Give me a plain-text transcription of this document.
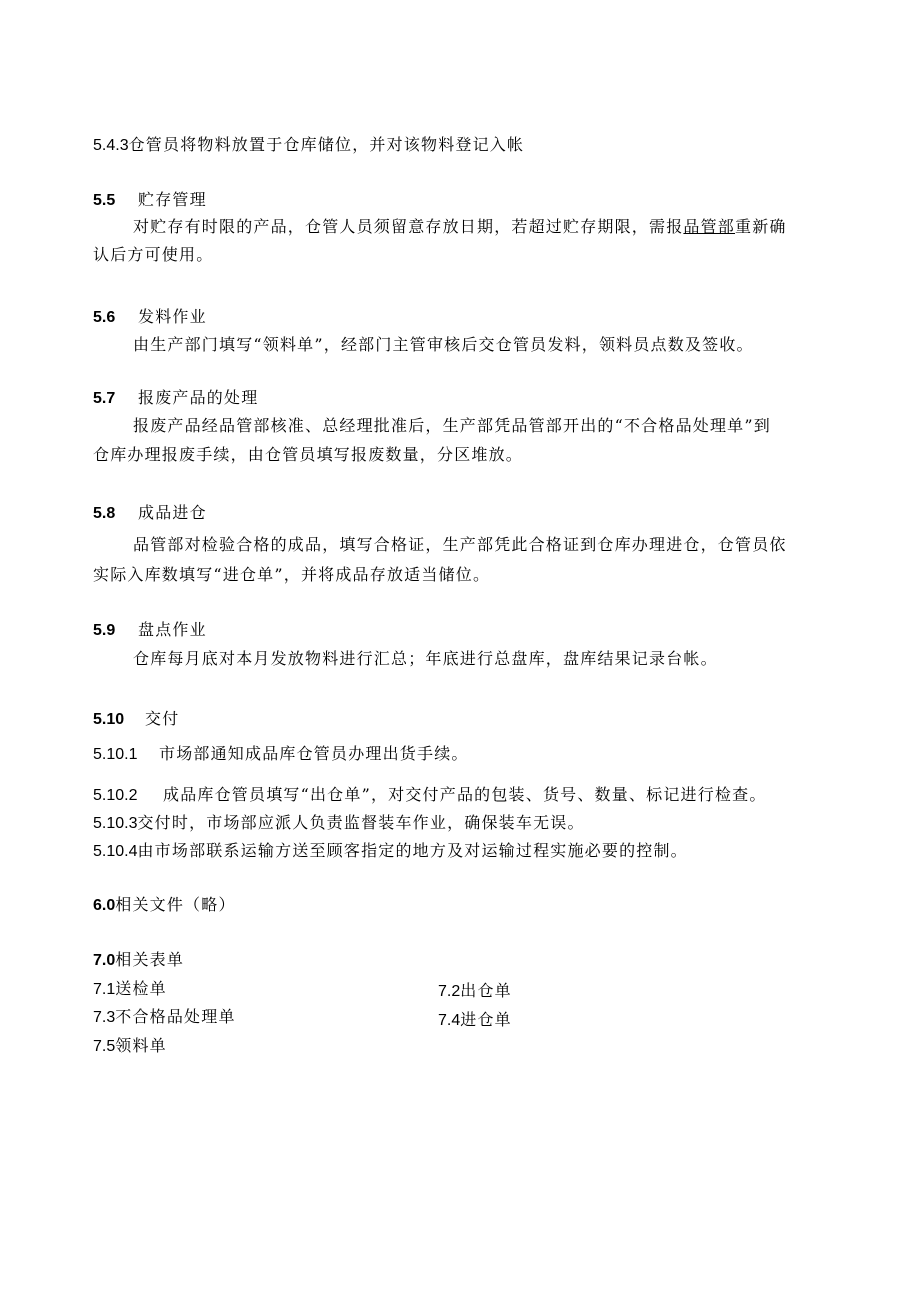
5.4.3仓管员将物料放置于仓库储位，并对该物料登记入帐
5.5 贮存管理
对贮存有时限的产品，仓管人员须留意存放日期，若超过贮存期限，需报品管部重新确
认后方可使用。
5.6 发料作业
由生产部门填写“领料单”，经部门主管审核后交仓管员发料，领料员点数及签收。
5.7 报废产品的处理
报废产品经品管部核准、总经理批准后，生产部凭品管部开出的“不合格品处理单”到
仓库办理报废手续，由仓管员填写报废数量，分区堆放。
5.8 成品进仓
品管部对检验合格的成品，填写合格证，生产部凭此合格证到仓库办理进仓，仓管员依
实际入库数填写“进仓单”，并将成品存放适当储位。
5.9 盘点作业
仓库每月底对本月发放物料进行汇总；年底进行总盘库，盘库结果记录台帐。
5.10 交付
5.10.1 市场部通知成品库仓管员办理出货手续。
5.10.2 成品库仓管员填写“出仓单”，对交付产品的包装、货号、数量、标记进行检查。
5.10.3交付时，市场部应派人负责监督装车作业，确保装车无误。
5.10.4由市场部联系运输方送至顾客指定的地方及对运输过程实施必要的控制。
6.0相关文件（略）
7.0相关表单
7.1送检单	7.2出仓单
7.3不合格品处理单	7.4进仓单
7.5领料单
